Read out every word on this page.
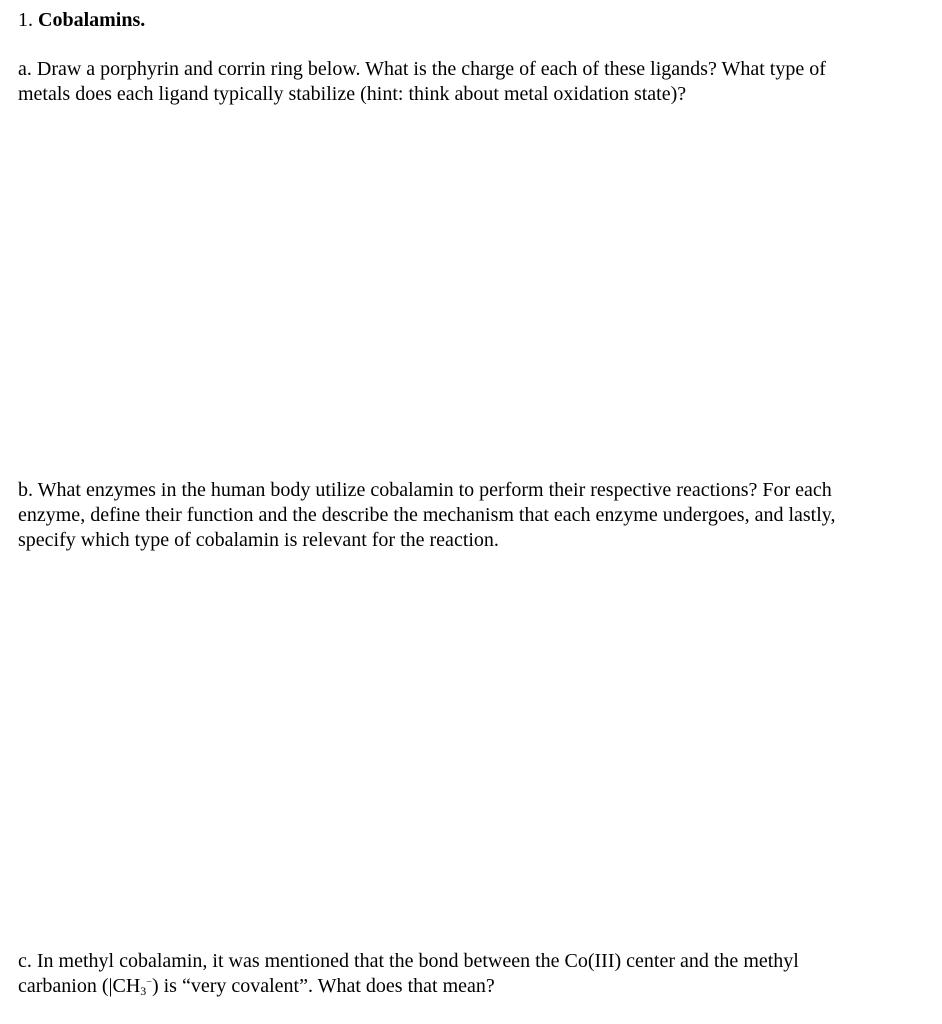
1. Cobalamins.
a. Draw a porphyrin and corrin ring below. What is the charge of each of these ligands? What type of
metals does each ligand typically stabilize (hint: think about metal oxidation state)?
b. What enzymes in the human body utilize cobalamin to perform their respective reactions? For each
enzyme, define their function and the describe the mechanism that each enzyme undergoes, and lastly,
specify which type of cobalamin is relevant for the reaction.
c. In methyl cobalamin, it was mentioned that the bond between the Co(III) center and the methyl
carbanion $(|CH_3^-)$ is “very covalent”. What does that mean?
